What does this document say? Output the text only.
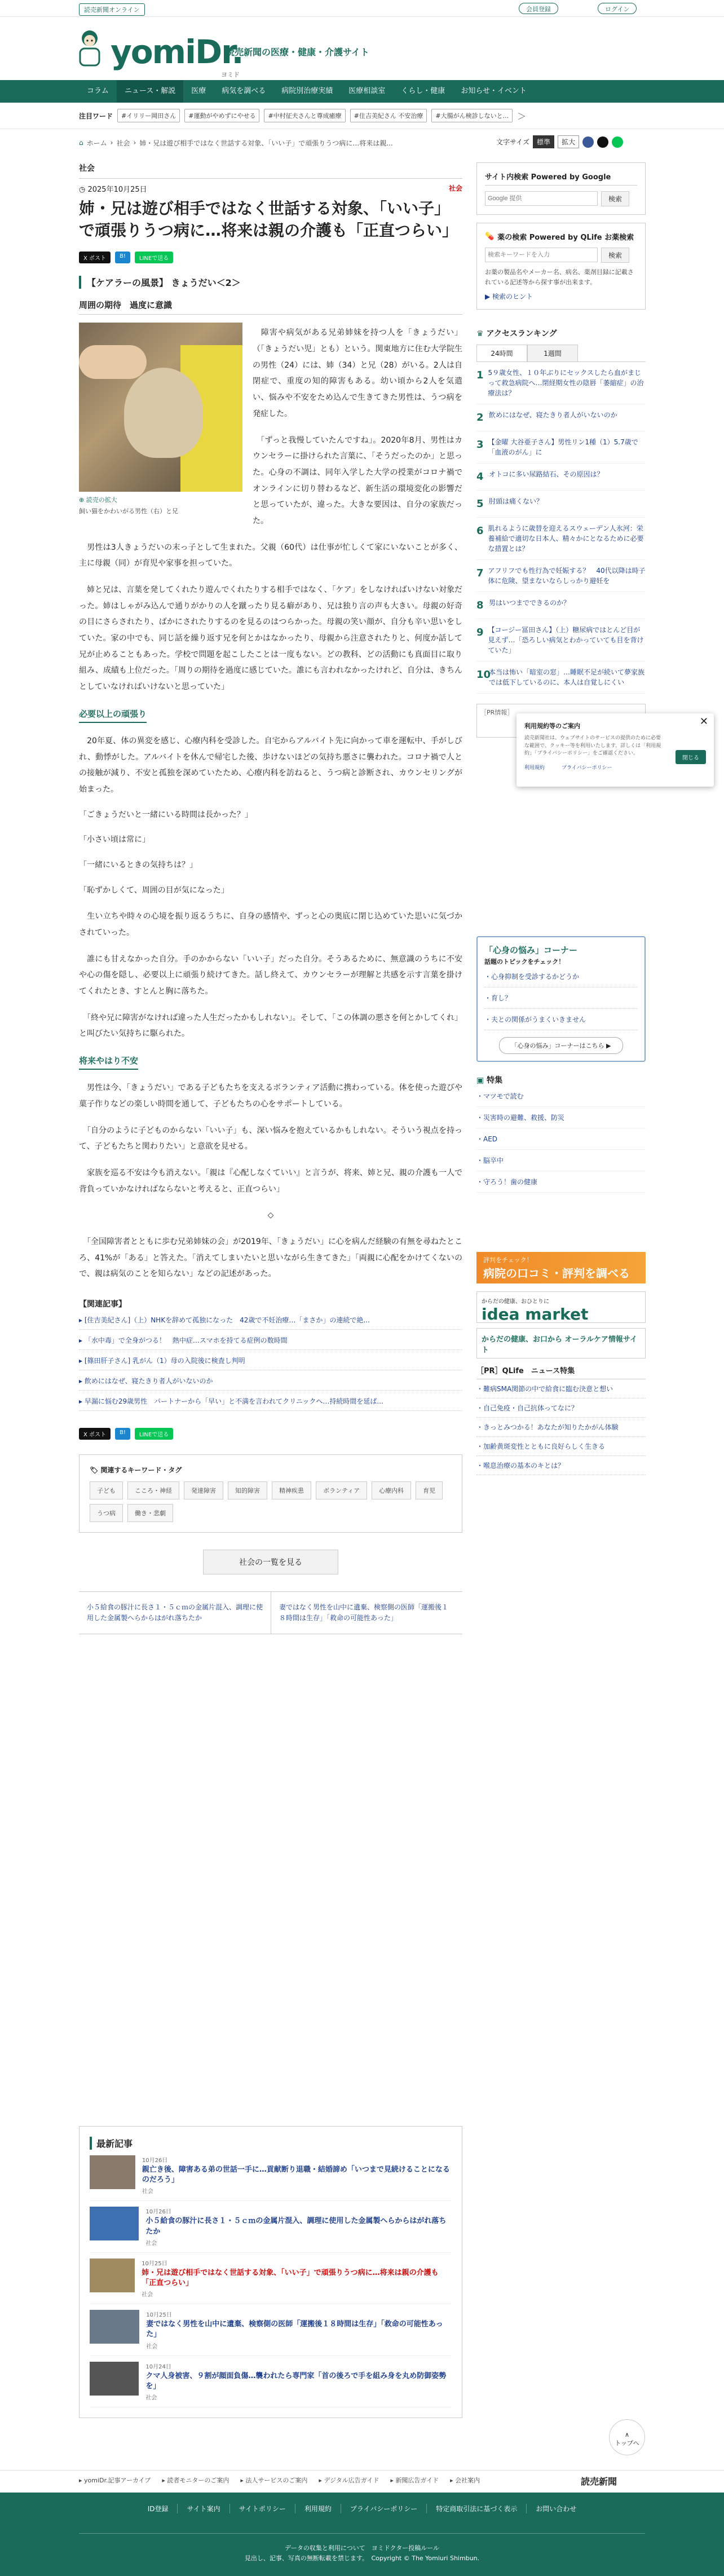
読売新聞オンライン	会員登録	ログイン
yomiDr.
ヨミド
読売新聞の医療・健康・介護サイト
コラム	ニュース・解説	医療	病気を調べる	病院別治療実績	医療相談室	くらし・健康	お知らせ・イベント
注目ワード	#イリリー岡田さん	#運動がやめずにやせる	#中村征夫さんと尊成癒療	#住吉美紀さん 不安治療	#大腸がん検診しないと... ＞
⌂ ホーム › 社会 › 姉・兄は遊び相手ではなく世話する対象、「いい子」で頑張りうつ病に…将来は親...	文字サイズ	標準	拡大
社会
◷ 2025年10月25日	社会
姉・兄は遊び相手ではなく世話する対象、「いい子」で頑張りうつ病に…将来は親の介護も「正直つらい」
X ポスト	B!	LINEで送る
【ケアラーの風景】 きょうだい＜2＞
周囲の期待　過度に意識
⊕ 読売の拡大
飼い猫をかわいがる男性（右）と兄

　障害や病気がある兄弟姉妹を持つ人を「きょうだい」（「きょうだい児」とも）という。関東地方に住む大学院生の男性（24）には、姉（34）と兄（28）がいる。2人は自閉症で、重度の知的障害もある。幼い頃から2人を気遣い、悩みや不安をため込んで生きてきた男性は、うつ病を発症した。

　「ずっと我慢していたんですね」。2020年8月、男性はカウンセラーに掛けられた言葉に、「そうだったのか」と思った。心身の不調は、同年入学した大学の授業がコロナ禍でオンラインに切り替わるなど、新生活の環境変化の影響だと思っていたが、違った。大きな要因は、自分の家族だった。

　男性は3人きょうだいの末っ子として生まれた。父親（60代）は仕事が忙しくて家にいないことが多く、主に母親（同）が育児や家事を担っていた。

　姉と兄は、言葉を発してくれたり遊んでくれたりする相手ではなく、「ケア」をしなければいけない対象だった。姉はしゃがみ込んで通りがかりの人を蹴ったり見る癖があり、兄は独り言の声も大きい。母親の好奇の目にさらされたり、ばかにされたりするのを見るのはつらかった。母親の笑い顔が、自分も辛い思いをしていた。家の中でも、同じ話を繰り返す兄を何とかはなかったり、母親から注意されたりと、何度か話して兄が止めることもあった。学校で問題を起こしたことは一度もない。どの教科、どの活動にも真面目に取り組み、成績も上位だった。「周りの期待を過度に感じていた。誰にも言われなかったけれど、自分は、きちんとしていなければいけないと思っていた」

必要以上の頑張り

　20年夏、体の異変を感じ、心療内科を受診した。自宅からアルバイト先に向かって車を運転中、手がしびれ、動悸がした。アルバイトを休んで帰宅した後、歩けないほどの気持ち悪さに襲われた。コロナ禍で人との接触が減り、不安と孤独を深めていたため、心療内科を訪ねると、うつ病と診断され、カウンセリングが始まった。

「ごきょうだいと一緒にいる時間は長かった？」

「小さい頃は常に」

「一緒にいるときの気持ちは？」

「恥ずかしくて、周囲の目が気になった」

　生い立ちや時々の心境を振り返るうちに、自身の感情や、ずっと心の奥底に閉じ込めていた思いに気づかされていった。

　誰にも甘えなかった自分。手のかからない「いい子」だった自分。そうあるために、無意識のうちに不安や心の傷を隠し、必要以上に頑張り続けてきた。話し終えて、カウンセラーが理解と共感を示す言葉を掛けてくれたとき、すとんと胸に落ちた。

　「終や兄に障害がなければ違った人生だったかもしれない」。そして、「この体調の悪さを何とかしてくれ」と叫びたい気持ちに駆られた。

将来やはり不安

　男性は今、「きょうだい」である子どもたちを支えるボランティア活動に携わっている。体を使った遊びや菓子作りなどの楽しい時間を通して、子どもたちの心をサポートしている。

　「自分のように子どものからない「いい子」も、深い悩みを抱えているかもしれない。そういう視点を持って、子どもたちと関わりたい」と意欲を見せる。

　家族を巡る不安は今も消えない。「親は『心配しなくていい』と言うが、将来、姉と兄、親の介護も一人で背負っていかなければならないと考えると、正直つらい」

◇

　「全国障害者とともに歩む兄弟姉妹の会」が2019年、「きょうだい」に心を病んだ経験の有無を尋ねたところ、41%が「ある」と答えた。「消えてしまいたいと思いながら生きてきた」「両親に心配をかけてくないので、親は病気のことを知らない」などの記述があった。

【関連記事】
▸ [住吉美紀さん]（上）NHKを辞めて孤独になった　42歳で不妊治療…「まさか」の連続で絶...
▸ 「水中毒」で全身がつる！　熱中症…スマホを持てる症例の数時間
▸ [篠田肝子さん] 乳がん（1）母の入院後に検査し判明
▸ 飲めにはなぜ、寝たきり者人がいないのか
▸ 早漏に悩む29歳男性　パートナーから「早い」と不満を言われてクリニックへ…持続時間を延ば...
X ポスト	B!	LINEで送る
🏷 関連するキーワード・タグ
子ども	こころ・神経	発達障害	知的障害	精神疾患	ボランティア	心療内科	育児
うつ病	働き・悲劇
社会の一覧を見る
小５給食の豚汁に長さ１・５ｃｍの金属片混入、調理に使用した金属製へらからはがれ落ちたか
妻ではなく男性を山中に遺棄、検察側の医師「運搬後１８時間は生存」「救命の可能性あった」
サイト内検索 Powered by Google
Google 提供
検索
💊 薬の検索 Powered by QLife お薬検索
検索キーワードを入力
検索
お薬の製品名やメーカー名、病名、薬剤目録に記載されている記述等から探す事が出来ます。
▶ 検索のヒント
♛ アクセスランキング
24時間	1週間
1 5９歳女性、１０年ぶりにセックスしたら血がまじって救急病院へ…閉経期女性の陰唇「萎縮症」の治療法は？
2 飲めにはなぜ、寝たきり者人がいないのか
3 【金曜 大谷亜子さん】男性リン1種（1）5.7歳で「血液のがん」に
4 オトコに多い尿路結石、その原因は？
5 肘頭は痛くない？
6 肌れるように歳替を迎えるスウェーデン人氷河：栄養補給で適切な日本人、精々かにとなるために必要な措置とは？
7 アフリフでも性行為で妊娠する？　40代以降は時子体に危険、望まないならしっかり避妊を
8 男はいつまでできるのか？
9 【コージー冨田さん】（上）糖尿病ではとんど目が見えず…「恐ろしい病気とわかっていても目を背けていた」
10
本当は怖い「暗室の窓」…睡眠不足が続いて夢家族では低下しているのに、本人は自覚しにくい
［PR情報］
✕
利用規約等のご案内
読売新聞社は、ウェブサイトのサービスの提供のために必要な範囲で、クッキー等を利用いたします。詳しくは「利用規約」「プライバシーポリシー」をご確認ください。
利用規約	プライバシーポリシー
閉じる
「心身の悩み」コーナー
話題のトピックをチェック！
・心身抑制を受診するかどうか
・育し？
・夫との関係がうまくいきません
「心身の悩み」コーナーはこちら ▶
▣ 特集
・マツモで読む
・災害時の避難、救援、防災
・AED
・脳卒中
・守ろう！歯の健康
評判をチェック！
病院の口コミ・評判を調べる
からだの健康、おひとりに
idea market
からだの健康、お口から オーラルケア情報サイト
［PR］QLife　ニュース特集
・難病SMA関節の中で給食に臨む決意と想い
・自己免疫・自己抗体ってなに？
・きっとみつかる！あなたが知りたかがん体験
・加齢黄斑変性とともに良好らしく生きる
・喉息治療の基本のキとは？
最新記事
10月26日
親亡き後、障害ある弟の世話一手に…貢献断り退職・結婚諦め「いつまで見続けることになるのだろう」
社会
10月26日
小５給食の豚汁に長さ１・５ｃｍの金属片混入、調理に使用した金属製へらからはがれ落ちたか
社会
10月25日
姉・兄は遊び相手ではなく世話する対象、「いい子」で頑張りうつ病に…将来は親の介護も「正直つらい」
社会
10月25日
妻ではなく男性を山中に遺棄、検察側の医師「運搬後１８時間は生存」「救命の可能性あった」
社会
10月24日
クマ人身被害、９割が顔面負傷…襲われたら専門家「首の後ろで手を組み身を丸め防御姿勢を」
社会
∧
トップへ
▸ yomiDr.記事アーカイブ ▸ 読者モニターのご案内 ▸ 法人サービスのご案内 ▸ デジタル広告ガイド ▸ 新聞広告ガイド ▸ 会社案内	読売新聞
ID登録	サイト案内	サイトポリシー	利用規約	プライバシーポリシー	特定商取引法に基づく表示	お問い合わせ
データの収集と利用について　ヨミドクター投稿ルール
見出し、記事、写真の無断転載を禁じます。　Copyright © The Yomiuri Shimbun.
